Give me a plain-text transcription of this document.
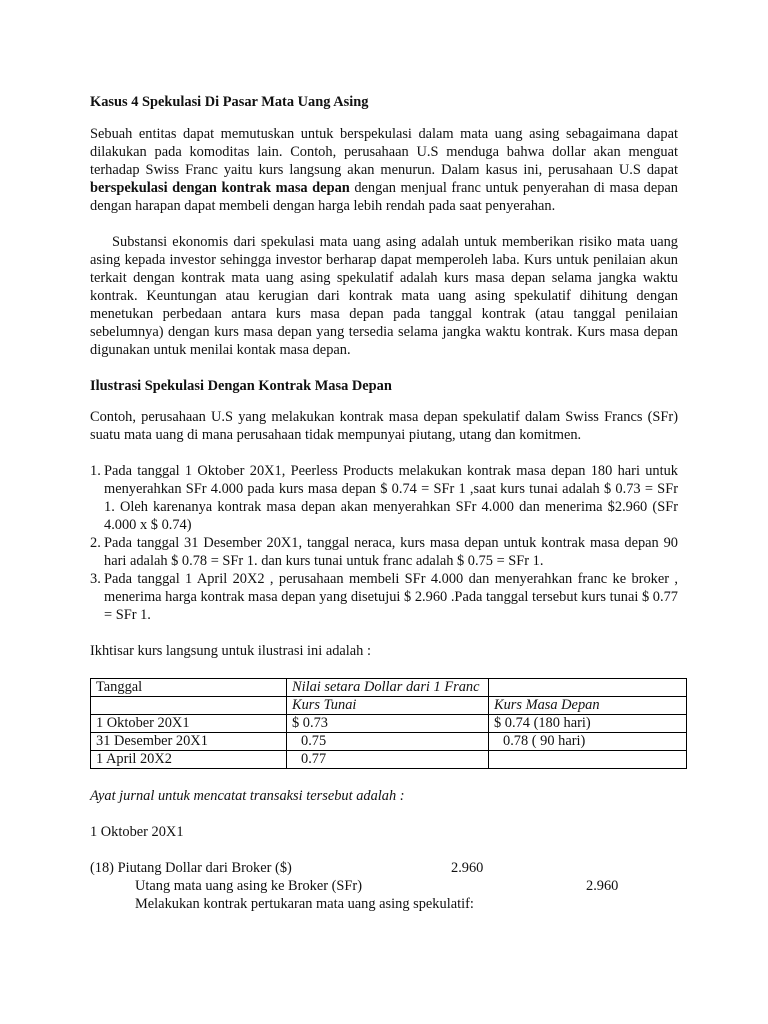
Kasus 4 Spekulasi Di Pasar Mata Uang Asing

Sebuah entitas dapat memutuskan untuk berspekulasi dalam mata uang asing sebagaimana dapat dilakukan pada komoditas lain. Contoh, perusahaan U.S menduga bahwa dollar akan menguat terhadap Swiss Franc yaitu kurs langsung akan menurun. Dalam kasus ini, perusahaan U.S dapat berspekulasi dengan kontrak masa depan dengan menjual franc untuk penyerahan di masa depan dengan harapan dapat membeli dengan harga lebih rendah pada saat penyerahan.

Substansi ekonomis dari spekulasi mata uang asing adalah untuk memberikan risiko mata uang asing kepada investor sehingga investor berharap dapat memperoleh laba. Kurs untuk penilaian akun terkait dengan kontrak mata uang asing spekulatif adalah kurs masa depan selama jangka waktu kontrak. Keuntungan atau kerugian dari kontrak mata uang asing spekulatif dihitung dengan menetukan perbedaan antara kurs masa depan pada tanggal kontrak (atau tanggal penilaian sebelumnya) dengan kurs masa depan yang tersedia selama jangka waktu kontrak. Kurs masa depan digunakan untuk menilai kontak masa depan.

Ilustrasi Spekulasi Dengan Kontrak Masa Depan

Contoh, perusahaan U.S yang melakukan kontrak masa depan spekulatif dalam Swiss Francs (SFr) suatu mata uang di mana perusahaan tidak mempunyai piutang, utang dan komitmen.

1. Pada tanggal 1 Oktober 20X1, Peerless Products melakukan kontrak masa depan 180 hari untuk menyerahkan SFr 4.000 pada kurs masa depan $ 0.74 = SFr 1 ,saat kurs tunai adalah $ 0.73 = SFr 1. Oleh karenanya kontrak masa depan akan menyerahkan SFr 4.000 dan menerima $2.960 (SFr 4.000 x $ 0.74)
2. Pada tanggal 31 Desember 20X1, tanggal neraca, kurs masa depan untuk kontrak masa depan 90 hari adalah $ 0.78 = SFr 1. dan kurs tunai untuk franc adalah $ 0.75 = SFr 1.
3. Pada tanggal 1 April 20X2 , perusahaan membeli SFr 4.000 dan menyerahkan franc ke broker , menerima harga kontrak masa depan yang disetujui $ 2.960 .Pada tanggal tersebut kurs tunai $ 0.77 = SFr 1.

Ikhtisar kurs langsung untuk ilustrasi ini adalah :

Tanggal	Nilai setara Dollar dari 1 Franc	
	Kurs Tunai	Kurs Masa Depan
1 Oktober 20X1	$ 0.73	$ 0.74 (180 hari)
31 Desember 20X1	0.75	0.78 ( 90 hari)
1 April 20X2	0.77	
Ayat jurnal untuk mencatat transaksi tersebut adalah :
1 Oktober 20X1
(18) Piutang Dollar dari Broker ($)	2.960
Utang mata uang asing ke Broker (SFr)	2.960
Melakukan kontrak pertukaran mata uang asing spekulatif:
